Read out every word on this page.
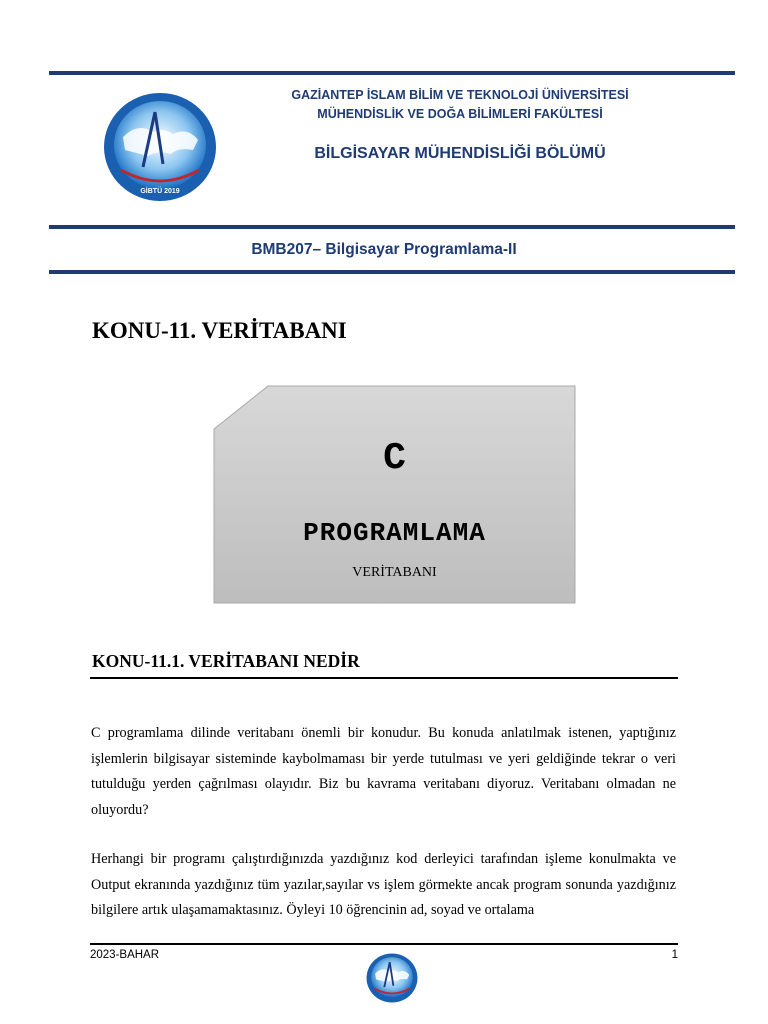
GİBTÜ 2019
GAZİANTEP İSLAM BİLİM VE TEKNOLOJİ ÜNİVERSİTESİ
MÜHENDİSLİK VE DOĞA BİLİMLERİ FAKÜLTESİ
BİLGİSAYAR MÜHENDİSLİĞİ BÖLÜMÜ
BMB207– Bilgisayar Programlama-II
KONU-11. VERİTABANI
C
PROGRAMLAMA
VERİTABANI
KONU-11.1. VERİTABANI NEDİR
C programlama dilinde veritabanı önemli bir konudur. Bu konuda anlatılmak istenen, yaptığınız işlemlerin bilgisayar sisteminde kaybolmaması bir yerde tutulması ve yeri geldiğinde tekrar o veri tutulduğu yerden çağrılması olayıdır. Biz bu kavrama veritabanı diyoruz. Veritabanı olmadan ne oluyordu?
Herhangi bir programı çalıştırdığınızda yazdığınız kod derleyici tarafından işleme konulmakta ve Output ekranında yazdığınız tüm yazılar,sayılar vs işlem görmekte ancak program sonunda yazdığınız bilgilere artık ulaşamamaktasınız. Öyleyi 10 öğrencinin ad, soyad ve ortalama
2023-BAHAR	1
